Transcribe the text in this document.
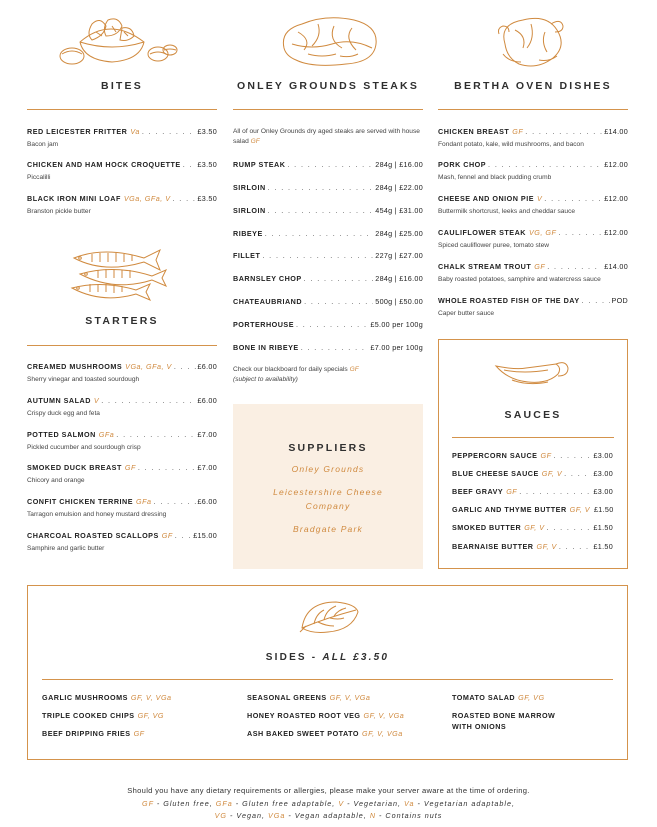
BITES	ONLEY GROUNDS STEAKS	BERTHA OVEN DISHES
STARTERS
RED LEICESTER FRITTER Va . . .	£3.50
Bacon jam
CHICKEN AND HAM HOCK CROQUETTE . . . £3.50
Piccalilli
BLACK IRON MINI LOAF VGa, GFa, V . . .	£3.50
Branston pickle butter
CREAMED MUSHROOMS VGa, GFa, V . . .	£6.00
Sherry vinegar and toasted sourdough
AUTUMN SALAD V . . .	£6.00
Crispy duck egg and feta
POTTED SALMON GFa . . .	£7.00
Pickled cucumber and sourdough crisp
SMOKED DUCK BREAST GF . . .	£7.00
Chicory and orange
CONFIT CHICKEN TERRINE GFa . . .	£6.00
Tarragon emulsion and honey mustard dressing
CHARCOAL ROASTED SCALLOPS GF . . .	£15.00
Samphire and garlic butter
All of our Onley Grounds dry aged steaks are served with house salad GF
RUMP STEAK . . .	284g | £16.00
SIRLOIN . . .	284g | £22.00
SIRLOIN . . .	454g | £31.00
RIBEYE . . .	284g | £25.00
FILLET . . .	227g | £27.00
BARNSLEY CHOP . . .	284g | £16.00
CHATEAUBRIAND . . .	500g | £50.00
PORTERHOUSE . . .	£5.00 per 100g
BONE IN RIBEYE . . .	£7.00 per 100g
Check our blackboard for daily specials GF
(subject to availability)
SUPPLIERS
Onley Grounds
Leicestershire Cheese
Company
Bradgate Park
CHICKEN BREAST GF . . .	£14.00
Fondant potato, kale, wild mushrooms, and bacon
PORK CHOP . . .	£12.00
Mash, fennel and black pudding crumb
CHEESE AND ONION PIE V . . .	£12.00
Buttermilk shortcrust, leeks and cheddar sauce
CAULIFLOWER STEAK VG, GF . . .	£12.00
Spiced cauliflower puree, tomato stew
CHALK STREAM TROUT GF . . .	£14.00
Baby roasted potatoes, samphire and watercress sauce
WHOLE ROASTED FISH OF THE DAY . . .	POD
Caper butter sauce
SAUCES
PEPPERCORN SAUCE GF . . .	£3.00
BLUE CHEESE SAUCE GF, V . . .	£3.00
BEEF GRAVY GF . . .	£3.00
GARLIC AND THYME BUTTER GF, V £1.50
SMOKED BUTTER GF, V . . .	£1.50
BEARNAISE BUTTER GF, V . . .	£1.50
SIDES - ALL £3.50
GARLIC MUSHROOMS GF, V, VGa
TRIPLE COOKED CHIPS GF, VG
BEEF DRIPPING FRIES GF
SEASONAL GREENS GF, V, VGa
HONEY ROASTED ROOT VEG GF, V, VGa
ASH BAKED SWEET POTATO GF, V, VGa
TOMATO SALAD GF, VG
ROASTED BONE MARROW
WITH ONIONS
Should you have any dietary requirements or allergies, please make your server aware at the time of ordering.
GF - Gluten free, GFa - Gluten free adaptable, V - Vegetarian, Va - Vegetarian adaptable,
VG - Vegan, VGa - Vegan adaptable, N - Contains nuts
